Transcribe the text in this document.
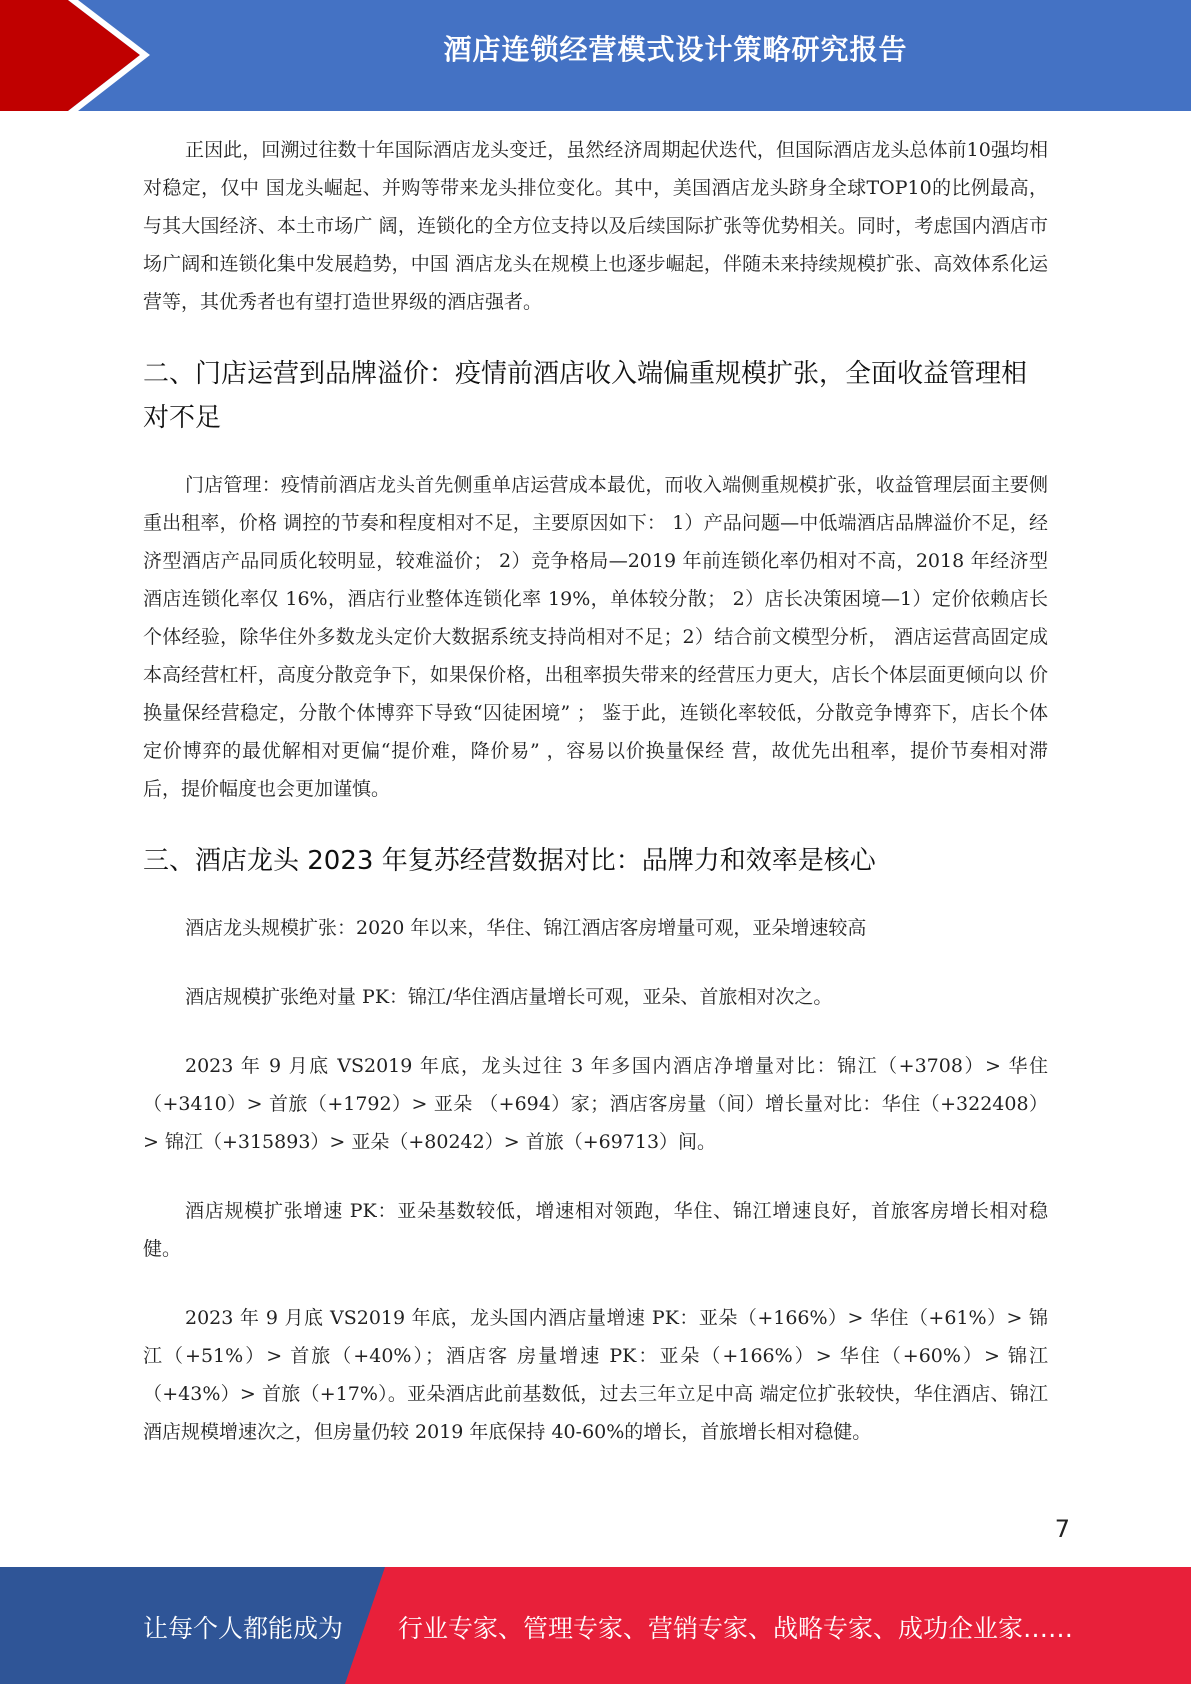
酒店连锁经营模式设计策略研究报告

正因此，回溯过往数十年国际酒店龙头变迁，虽然经济周期起伏迭代，但国际酒店龙头总体前10强均相对稳定，仅中 国龙头崛起、并购等带来龙头排位变化。其中，美国酒店龙头跻身全球TOP10的比例最高，与其大国经济、本土市场广 阔，连锁化的全方位支持以及后续国际扩张等优势相关。同时，考虑国内酒店市场广阔和连锁化集中发展趋势，中国 酒店龙头在规模上也逐步崛起，伴随未来持续规模扩张、高效体系化运营等，其优秀者也有望打造世界级的酒店强者。

二、门店运营到品牌溢价：疫情前酒店收入端偏重规模扩张，全面收益管理相对不足

门店管理：疫情前酒店龙头首先侧重单店运营成本最优，而收入端侧重规模扩张，收益管理层面主要侧重出租率，价格 调控的节奏和程度相对不足，主要原因如下： 1）产品问题—中低端酒店品牌溢价不足，经济型酒店产品同质化较明显，较难溢价； 2）竞争格局—2019 年前连锁化率仍相对不高，2018 年经济型酒店连锁化率仅 16%，酒店行业整体连锁化率 19%，单体较分散； 2）店长决策困境—1）定价依赖店长个体经验，除华住外多数龙头定价大数据系统支持尚相对不足；2）结合前文模型分析， 酒店运营高固定成本高经营杠杆，高度分散竞争下，如果保价格，出租率损失带来的经营压力更大，店长个体层面更倾向以 价换量保经营稳定，分散个体博弈下导致“囚徒困境” ； 鉴于此，连锁化率较低，分散竞争博弈下，店长个体定价博弈的最优解相对更偏“提价难，降价易” ，容易以价换量保经 营，故优先出租率，提价节奏相对滞后，提价幅度也会更加谨慎。

三、酒店龙头 2023 年复苏经营数据对比：品牌力和效率是核心

酒店龙头规模扩张：2020 年以来，华住、锦江酒店客房增量可观，亚朵增速较高

酒店规模扩张绝对量 PK：锦江/华住酒店量增长可观，亚朵、首旅相对次之。

2023 年 9 月底 VS2019 年底，龙头过往 3 年多国内酒店净增量对比：锦江（+3708）> 华住（+3410）> 首旅（+1792）> 亚朵 （+694）家；酒店客房量（间）增长量对比：华住（+322408）> 锦江（+315893）> 亚朵（+80242）> 首旅（+69713）间。

酒店规模扩张增速 PK：亚朵基数较低，增速相对领跑，华住、锦江增速良好，首旅客房增长相对稳健。

2023 年 9 月底 VS2019 年底，龙头国内酒店量增速 PK：亚朵（+166%）> 华住（+61%）> 锦江（+51%）> 首旅（+40%）；酒店客 房量增速 PK：亚朵（+166%）> 华住（+60%）> 锦江（+43%）> 首旅（+17%）。亚朵酒店此前基数低，过去三年立足中高 端定位扩张较快，华住酒店、锦江酒店规模增速次之，但房量仍较 2019 年底保持 40-60%的增长，首旅增长相对稳健。

7
让每个人都能成为 行业专家、管理专家、营销专家、战略专家、成功企业家……
